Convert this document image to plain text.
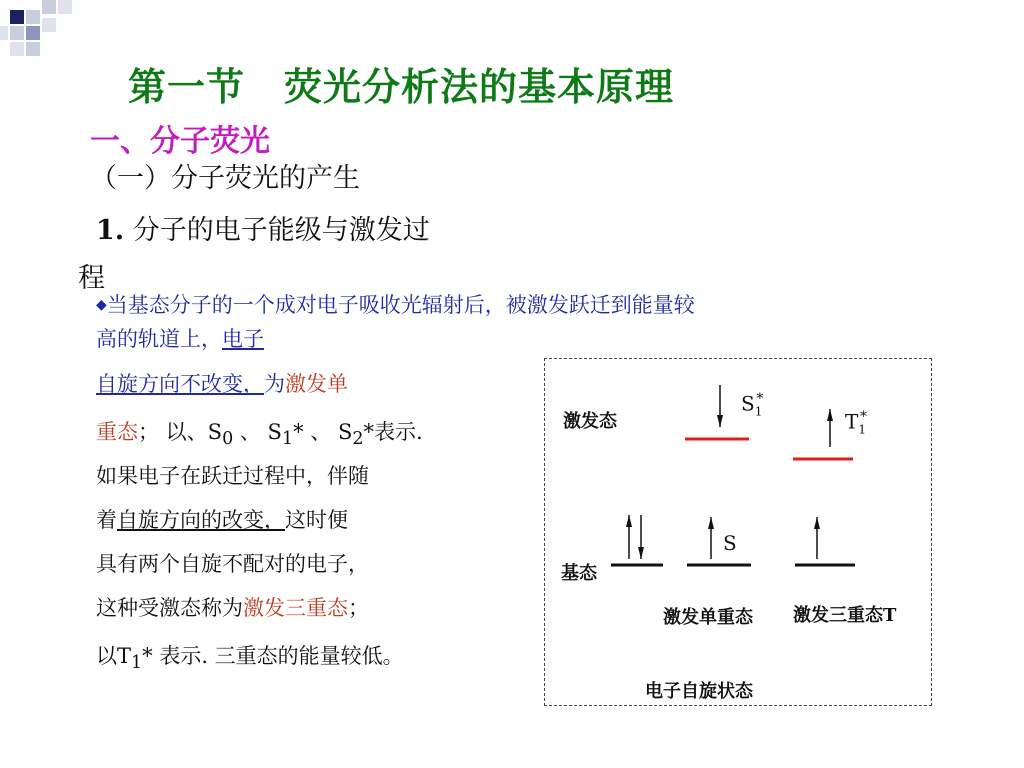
第一节　荧光分析法的基本原理
一、分子荧光
（一）分子荧光的产生
1. 分子的电子能级与激发过
程
◆当基态分子的一个成对电子吸收光辐射后，被激发跃迁到能量较
高的轨道上，电子
自旋方向不改变，为激发单
重态； 以、$S_0$ 、 $S_1*$ 、 $S_2*$表示.
如果电子在跃迁过程中，伴随
着自旋方向的改变，这时便
具有两个自旋不配对的电子，
这种受激态称为激发三重态；
以$T_1*$ 表示. 三重态的能量较低。
激发态
基态
$S_1^*$
$T_1^*$
S
激发单重态 激发三重态T
电子自旋状态
